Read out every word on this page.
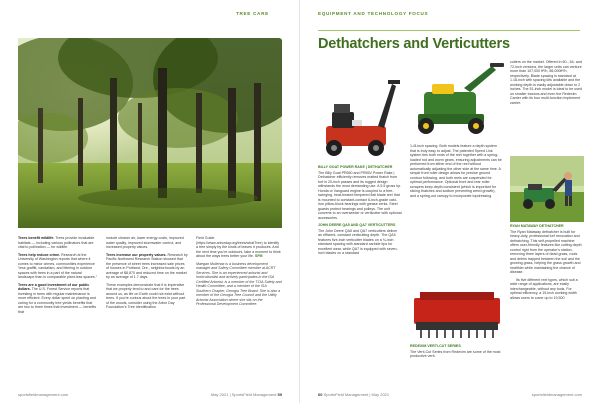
TREE CARE

Trees benefit wildlife. Trees provide invaluable habitats — including various pollinators that are vital to pollination — for wildlife.

Trees help reduce crime. Research at the University of Washington reports that where it comes to minor crimes, communities experience “less graffiti, vandalism, and littering in outdoor spaces with trees in a part of the natural landscape than in comparable plant-less spaces.”

Trees are a good investment of our public dollars. The U.S. Forest Service reports that investing in trees with regular maintenance is more efficient. Every dollar spent on planting and caring for a community tree yields benefits that are two to three times that investment — benefits that

include cleaner air, lower energy costs, improved water quality, improved stormwater control, and increased property values.

Trees increase our property values. Research by Pacific Northwest Research Station showed that the presence of street trees increased sale prices of houses in Portland, Ore., neighborhoods by an average of $8,870 and reduced time on the market by an average of 1.7 days.

These examples demonstrate that it is imperative that we properly tend to and care for the trees around us, as life on Earth could not exist without trees. If you’re curious about the trees in your part of the woods, consider using the Arbor Day Foundation’s Tree Identification

Field Guide (https://www.arborday.org/trees/whatTree) to identify a tree simply by the kinds of leaves it produces. And the next time you’re outdoors, take a moment to think about the ways trees better your life. SFM

Maegan Mullenax is a business development manager and Safety Committee member at ACRT Services. She is an experienced arborist and horticulturalist and actively participates in the ISA Certified Arborist, is a member of the TCIA Safety and Health Committee, and a member of the ISA Southern Chapter, Georgia Tree Board. She is also a member of the Georgia Tree Council and the Utility Arborist Association where she sits on the Professional Development Committee.

sportsfieldmanagement.com	May 2021 | SportsField Management 59
EQUIPMENT AND TECHNOLOGY FOCUS
Dethatchers and Verticutters
BILLY GOAT POWER RAKE | DETHATCHER

The Billy Goat PR550 and PR55V Power Rake | Dethatcher efficiently removes matted thatch from turf in 20-inch passes and its rugged design withstands the most demanding use. A 5.5 gross hp. Honda or Vanguard engine is coupled to a free-swinging, heat-treated tempered flail blade reel that is mounted to constant-contact 6-inch-grade cast-iron pillow-block bearings with grease zerks. Steel guards protect bearings and pulleys. The unit converts to an overseeder or verticutter with optional accessories.

JOHN DEERE QA5 AND QA7 VERTICUTTERS

The John Deere QA5 and QA7 verticutters deliver an efficient, constant verticutting depth. The QA5 features five-inch verticutter blades on a ¾-inch standard spacing with standard carbide tips for excellent wear, while QA7 is equipped with seven-inch blades on a standard

1-/8-inch spacing. Both models feature a depth system that is truly easy to adjust. The patented Speed Link system ties both ends of the reel together with a spring-loaded rod and worm gears, ensuring adjustments can be performed from either end of the reel without automatically adjusting the other side at the same time. A simple front roller design allows for precise ground contour following, and both reels are suspended for optimal performance. Optional front and rear roller scrapers keep depth consistent (which is important for slicing thatches and sodium preventing weed growth), and a spring-out canopy to incorporate topdressing.

REDEXIM VERTI-CUT SERIES

The Verti-Cut Series from Redexim are some of the most productive verti-

cutters on the market. Offered in 60-, 64- and 72-inch versions, the larger units can venture more than 107,000 ft²/h, 86,000ft²/h, respectively. Blade spacing is standard at 1.18-inch with spacing kits available and the working depth is easily adjustable down to 2 inches. The 51-inch model is ideal to be used on smaller tractors and even the Redexim Carrier with its four multi-function implement carrier.

RYAN MATAWAY DETHATCHER

The Ryan Mataway dethatcher is built for heavy-duty, professional turf renovation and dethatching. This self-propelled machine offers user-friendly features like cutting depth control right from the operator’s station, removing three layers of dead grass, roots and debris trapped between the soil and the growing grass, helping the grass growth and healthier while maintaining the chance of disease.

Its five different reel types, which suit a wide range of applications, are easily interchangeable, without any tools. For optimal efficiency, a 19-inch working width allows users to cover up to 19,500

60 SportsField Management | May 2021	sportsfieldmanagement.com
